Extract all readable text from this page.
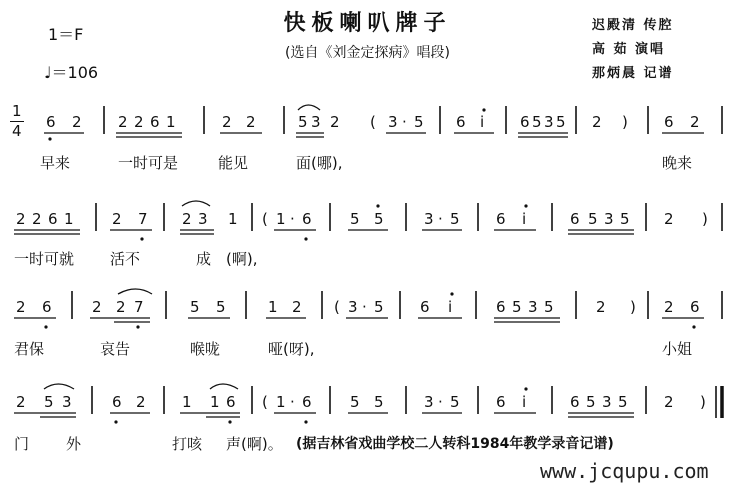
快板喇叭牌子
(选自《刘金定探病》唱段)
1＝F
♩＝106
迟殿清 传腔
高 茹 演唱
那炳晨 记谱
1
4 6 2 2 2 6 1	2 2	5 3 2 ( 3 · 5 6 i 6 5 3 5 2 ) 6 2
早来	一时可是	能见	面(哪),	晚来
2 2 6 1	2 7 2 3 1 ( 1 · 6	5 5	3 · 5 6 i	6 5 3 5 2 )
一时可就 活不	成 (啊),
2 6	2 2 7	5 5	1 2 ( 3 · 5 6 i	6 5 3 5	2 ) 2 6
君保	哀告	喉咙	哑(呀),	小姐
2 5 3	6 2 1 1 6 ( 1 · 6	5 5	3 · 5 6 i	6 5 3 5 2 )
门 外	打咳 声(啊)。 (据吉林省戏曲学校二人转科1984年教学录音记谱)
www.jcqupu.com
